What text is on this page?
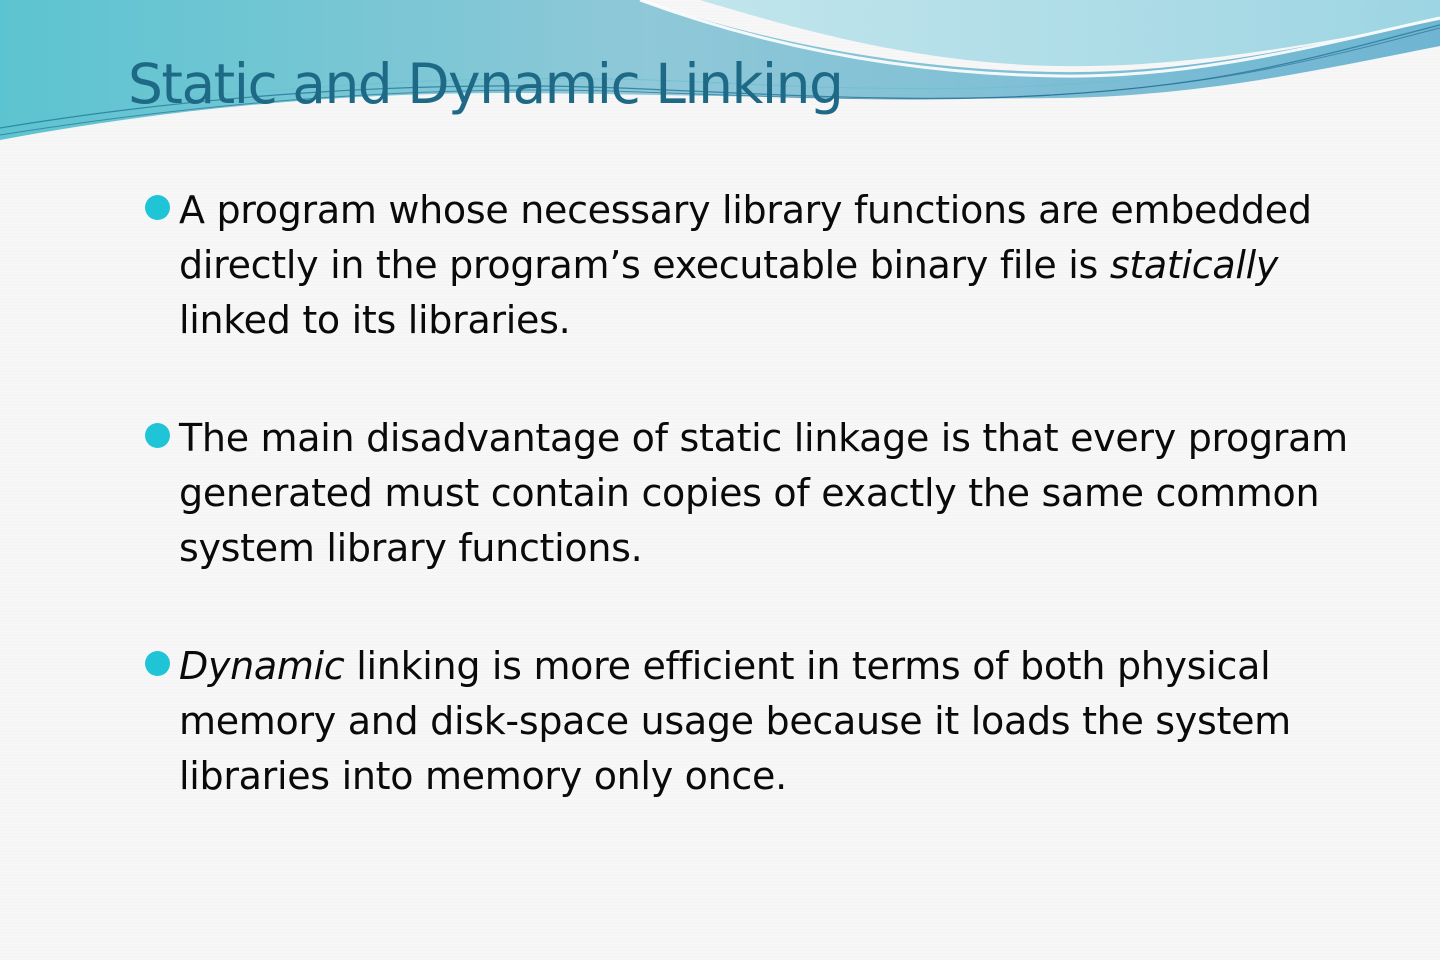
Static and Dynamic Linking
A program whose necessary library functions are embedded directly in the program’s executable binary file is statically linked to its libraries.
The main disadvantage of static linkage is that every program generated must contain copies of exactly the same common system library functions.
Dynamic linking is more efficient in terms of both physical memory and disk-space usage because it loads the system libraries into memory only once.
